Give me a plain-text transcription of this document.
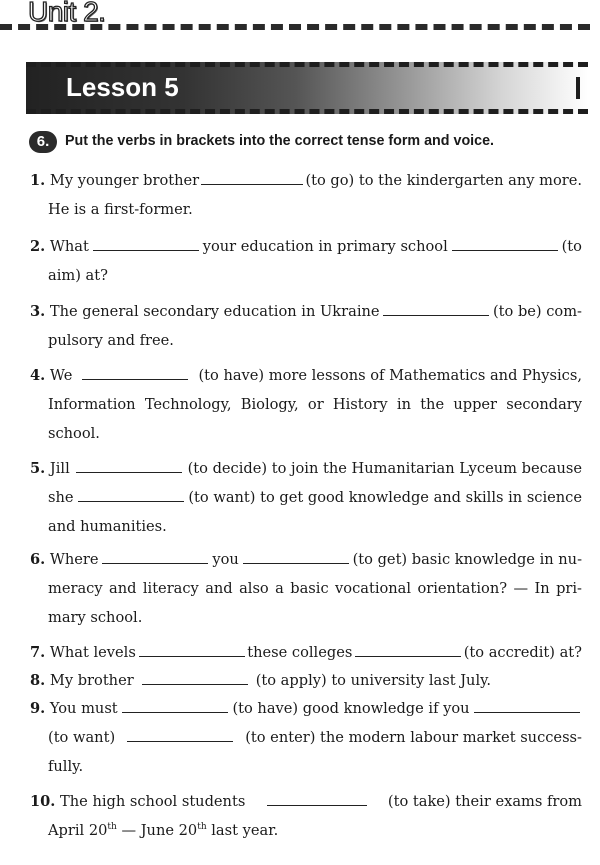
Unit 2.
Lesson 5
6.	Put the verbs in brackets into the correct tense form and voice.
1. My younger brother	(to go) to the kindergarten any more.
He is a first-former.
2. What	your education in primary school	(to
aim) at?
3. The general secondary education in Ukraine	(to be) com-
pulsory and free.
4. We	(to have) more lessons of Mathematics and Physics,
Information Technology, Biology, or History in the upper secondary
school.
5. Jill	(to decide) to join the Humanitarian Lyceum because
she	(to want) to get good knowledge and skills in science
and humanities.
6. Where	you	(to get) basic knowledge in nu-
meracy and literacy and also a basic vocational orientation? — In pri-
mary school.
7. What levels	these colleges	(to accredit) at?
8. My brother	(to apply) to university last July.
9. You must	(to have) good knowledge if you
(to want)	(to enter) the modern labour market success-
fully.
10. The high school students	(to take) their exams from
April 20th — June 20th last year.
